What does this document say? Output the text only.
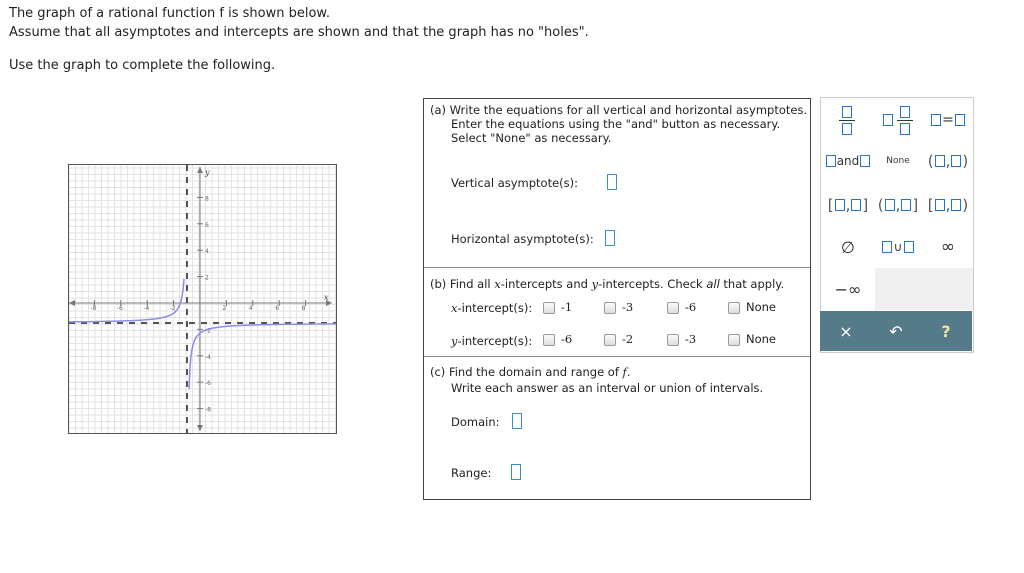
The graph of a rational function f is shown below.
Assume that all asymptotes and intercepts are shown and that the graph has no "holes".
Use the graph to complete the following.
x
y
-8	-6	-4	-2	2	4	6	8
8
6
4
2
-2
-4
-6
-8
(a) Write the equations for all vertical and horizontal asymptotes.
Enter the equations using the "and" button as necessary.
Select "None" as necessary.
Vertical asymptote(s):
Horizontal asymptote(s):
(b) Find all x-intercepts and y-intercepts. Check all that apply.
x-intercept(s):	-1	-3	-6	None
y-intercept(s):	-6	-2	-3	None
(c) Find the domain and range of f.
Write each answer as an interval or union of intervals.
Domain:
Range:
=
and	None ( , )
[ , ] ( , ] [ , )
∅	∪ ∞
−∞
× ↶ ?
